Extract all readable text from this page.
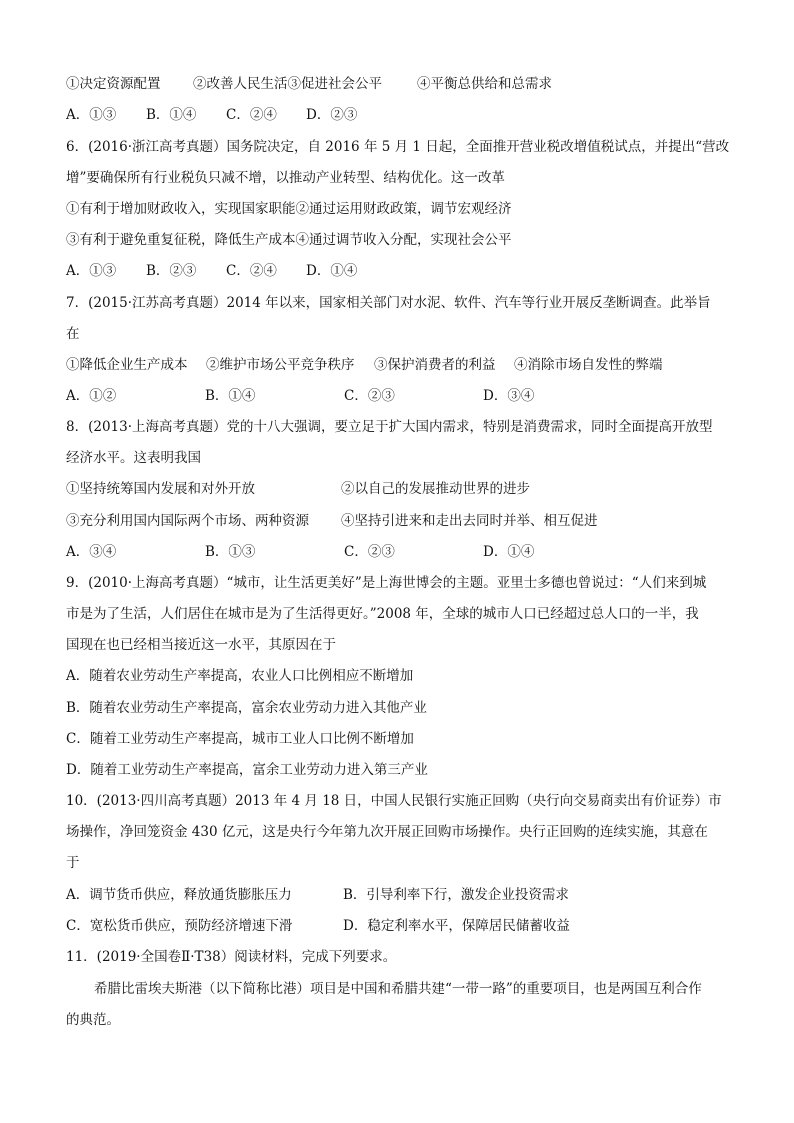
①决定资源配置	②改善人民生活③促进社会公平	④平衡总供给和总需求
A．①③	B．①④	C．②④	D．②③
6．(2016·浙江高考真题）国务院决定，自 2016 年 5 月 1 日起，全面推开营业税改增值税试点，并提出“营改
增”要确保所有行业税负只减不增，以推动产业转型、结构优化。这一改革
①有利于增加财政收入，实现国家职能②通过运用财政政策，调节宏观经济
③有利于避免重复征税，降低生产成本④通过调节收入分配，实现社会公平
A．①③	B．②③	C．②④	D．①④
7．(2015·江苏高考真题）2014 年以来，国家相关部门对水泥、软件、汽车等行业开展反垄断调查。此举旨
在
①降低企业生产成本	②维护市场公平竞争秩序	③保护消费者的利益	④消除市场自发性的弊端
A．①②	B．①④	C．②③	D．③④
8．(2013·上海高考真题）党的十八大强调，要立足于扩大国内需求，特别是消费需求，同时全面提高开放型
经济水平。这表明我国
①坚持统筹国内发展和对外开放	②以自己的发展推动世界的进步
③充分利用国内国际两个市场、两种资源	④坚持引进来和走出去同时并举、相互促进
A．③④	B．①③	C．②③	D．①④
9．(2010·上海高考真题）“城市，让生活更美好”是上海世博会的主题。亚里士多德也曾说过：“人们来到城
市是为了生活，人们居住在城市是为了生活得更好。”2008 年，全球的城市人口已经超过总人口的一半，我
国现在也已经相当接近这一水平，其原因在于
A．随着农业劳动生产率提高，农业人口比例相应不断增加
B．随着农业劳动生产率提高，富余农业劳动力进入其他产业
C．随着工业劳动生产率提高，城市工业人口比例不断增加
D．随着工业劳动生产率提高，富余工业劳动力进入第三产业
10．(2013·四川高考真题）2013 年 4 月 18 日，中国人民银行实施正回购（央行向交易商卖出有价证券）市
场操作，净回笼资金 430 亿元，这是央行今年第九次开展正回购市场操作。央行正回购的连续实施，其意在
于
A．调节货币供应，释放通货膨胀压力	B．引导利率下行，激发企业投资需求
C．宽松货币供应，预防经济增速下滑	D．稳定利率水平，保障居民储蓄收益
11．(2019·全国卷Ⅱ·T38）阅读材料，完成下列要求。
希腊比雷埃夫斯港（以下简称比港）项目是中国和希腊共建“一带一路”的重要项目，也是两国互利合作
的典范。
